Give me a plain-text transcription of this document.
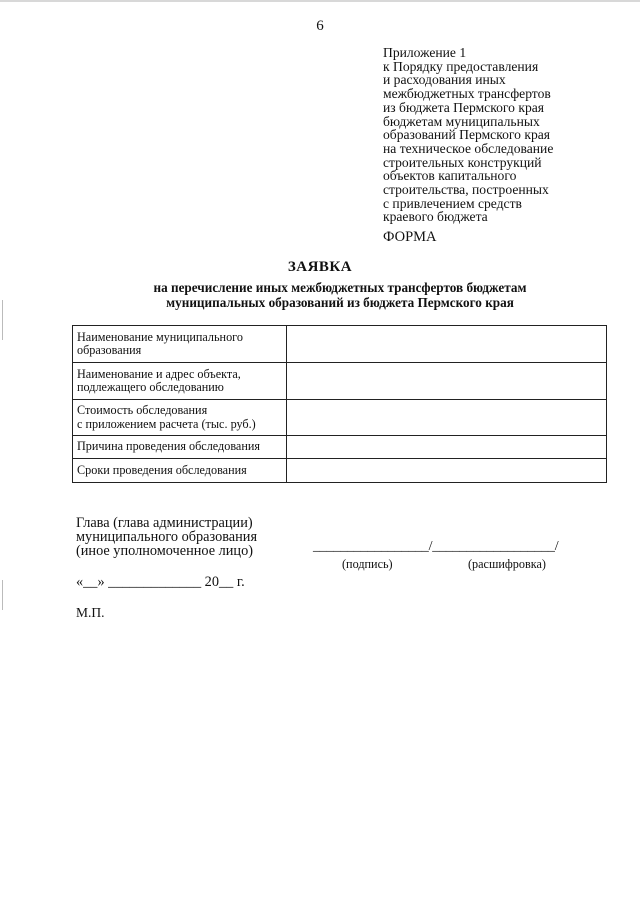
6
Приложение 1
к Порядку предоставления
и расходования иных
межбюджетных трансфертов
из бюджета Пермского края
бюджетам муниципальных
образований Пермского края
на техническое обследование
строительных конструкций
объектов капитального
строительства, построенных
с привлечением средств
краевого бюджета
ФОРМА
ЗАЯВКА
на перечисление иных межбюджетных трансфертов бюджетам
муниципальных образований из бюджета Пермского края
Наименование муниципального
образования	

Наименование и адрес объекта,
подлежащего обследованию	

Стоимость обследования
с приложением расчета (тыс. руб.)	

Причина проведения обследования	

Сроки проведения обследования	

Глава (глава администрации)
муниципального образования
(иное уполномоченное лицо)	_________________/__________________/
(подпись)	(расшифровка)
«__» _____________ 20__ г.
М.П.
